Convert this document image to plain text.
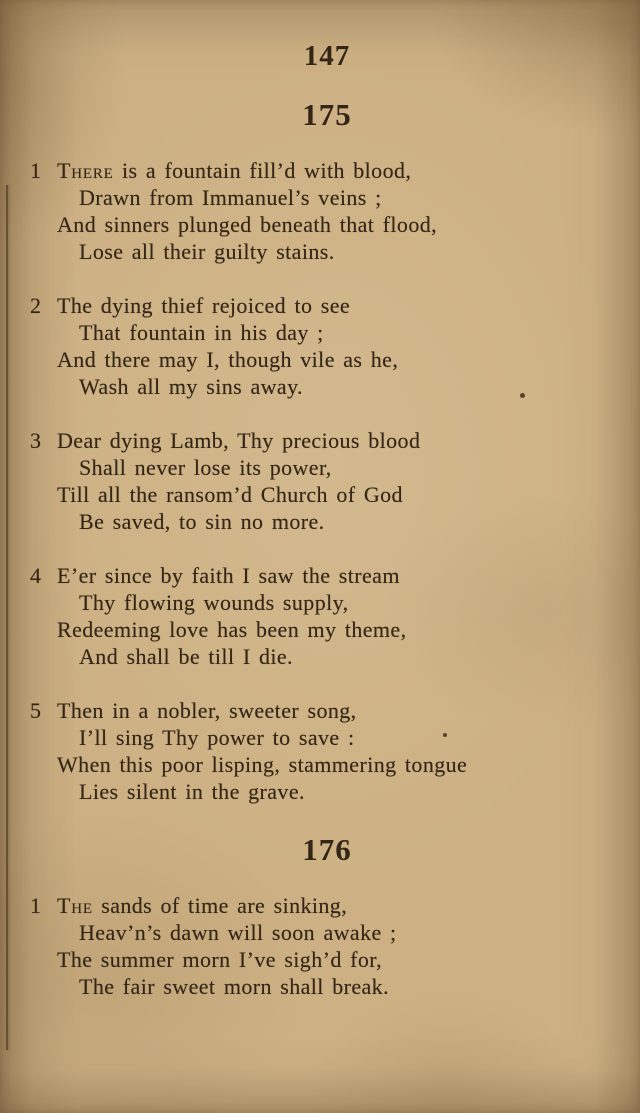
147
175
1 There is a fountain fill’d with blood,
Drawn from Immanuel’s veins ;
And sinners plunged beneath that flood,
Lose all their guilty stains.
2 The dying thief rejoiced to see
That fountain in his day ;
And there may I, though vile as he,
Wash all my sins away.
3 Dear dying Lamb, Thy precious blood
Shall never lose its power,
Till all the ransom’d Church of God
Be saved, to sin no more.
4 E’er since by faith I saw the stream
Thy flowing wounds supply,
Redeeming love has been my theme,
And shall be till I die.
5 Then in a nobler, sweeter song,
I’ll sing Thy power to save :
When this poor lisping, stammering tongue
Lies silent in the grave.
176
1 The sands of time are sinking,
Heav’n’s dawn will soon awake ;
The summer morn I’ve sigh’d for,
The fair sweet morn shall break.
